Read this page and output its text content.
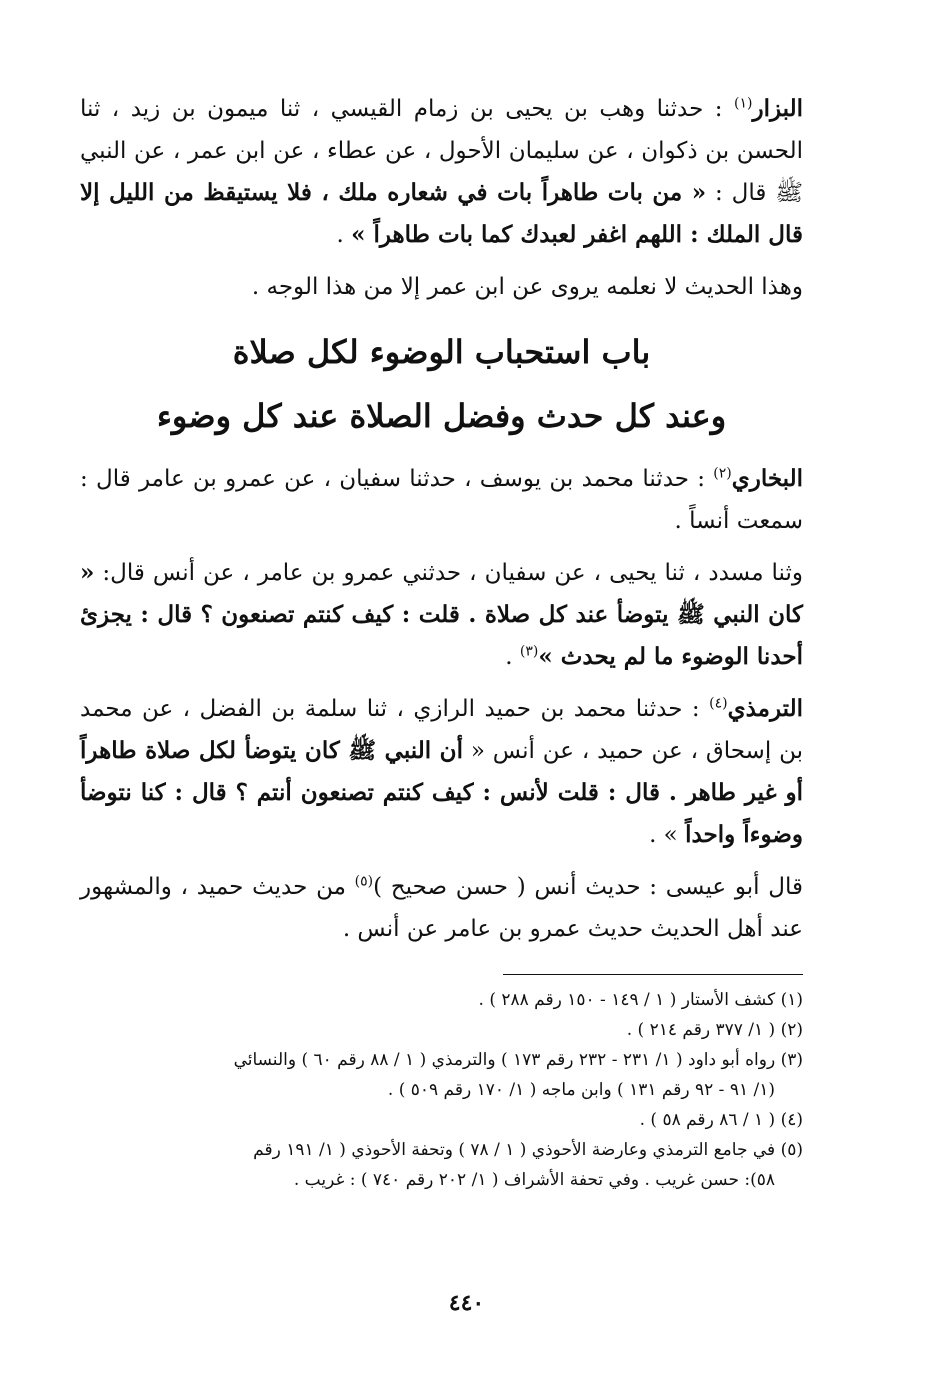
البزار$^{(١)}$ : حدثنا وهب بن يحيى بن زمام القيسي ، ثنا ميمون بن زيد ، ثنا الحسن بن ذكوان ، عن سليمان الأحول ، عن عطاء ، عن ابن عمر ، عن النبي ﷺ قال : « من بات طاهراً بات في شعاره ملك ، فلا يستيقظ من الليل إلا قال الملك : اللهم اغفر لعبدك كما بات طاهراً » .

وهذا الحديث لا نعلمه يروى عن ابن عمر إلا من هذا الوجه .

باب استحباب الوضوء لكل صلاة
وعند كل حدث وفضل الصلاة عند كل وضوء

البخاري$^{(٢)}$ : حدثنا محمد بن يوسف ، حدثنا سفيان ، عن عمرو بن عامر قال : سمعت أنساً .

وثنا مسدد ، ثنا يحيى ، عن سفيان ، حدثني عمرو بن عامر ، عن أنس قال: « كان النبي ﷺ يتوضأ عند كل صلاة . قلت : كيف كنتم تصنعون ؟ قال : يجزئ أحدنا الوضوء ما لم يحدث »$^{(٣)}$ .

الترمذي$^{(٤)}$ : حدثنا محمد بن حميد الرازي ، ثنا سلمة بن الفضل ، عن محمد بن إسحاق ، عن حميد ، عن أنس « أن النبي ﷺ كان يتوضأ لكل صلاة طاهراً أو غير طاهر . قال : قلت لأنس : كيف كنتم تصنعون أنتم ؟ قال : كنا نتوضأ وضوءاً واحداً » .

قال أبو عيسى : حديث أنس ( حسن صحيح )$^{(٥)}$ من حديث حميد ، والمشهور عند أهل الحديث حديث عمرو بن عامر عن أنس .

(١) كشف الأستار ( ١ / ١٤٩ - ١٥٠ رقم ٢٨٨ ) .

(٢) ( ١/ ٣٧٧ رقم ٢١٤ ) .

(٣) رواه أبو داود ( ١/ ٢٣١ - ٢٣٢ رقم ١٧٣ ) والترمذي ( ١ / ٨٨ رقم ٦٠ ) والنسائي
(١/ ٩١ - ٩٢ رقم ١٣١ ) وابن ماجه ( ١/ ١٧٠ رقم ٥٠٩ ) .

(٤) ( ١ / ٨٦ رقم ٥٨ ) .

(٥) في جامع الترمذي وعارضة الأحوذي ( ١ / ٧٨ ) وتحفة الأحوذي ( ١/ ١٩١ رقم
٥٨): حسن غريب . وفي تحفة الأشراف ( ١/ ٢٠٢ رقم ٧٤٠ ) : غريب .

٤٤٠
